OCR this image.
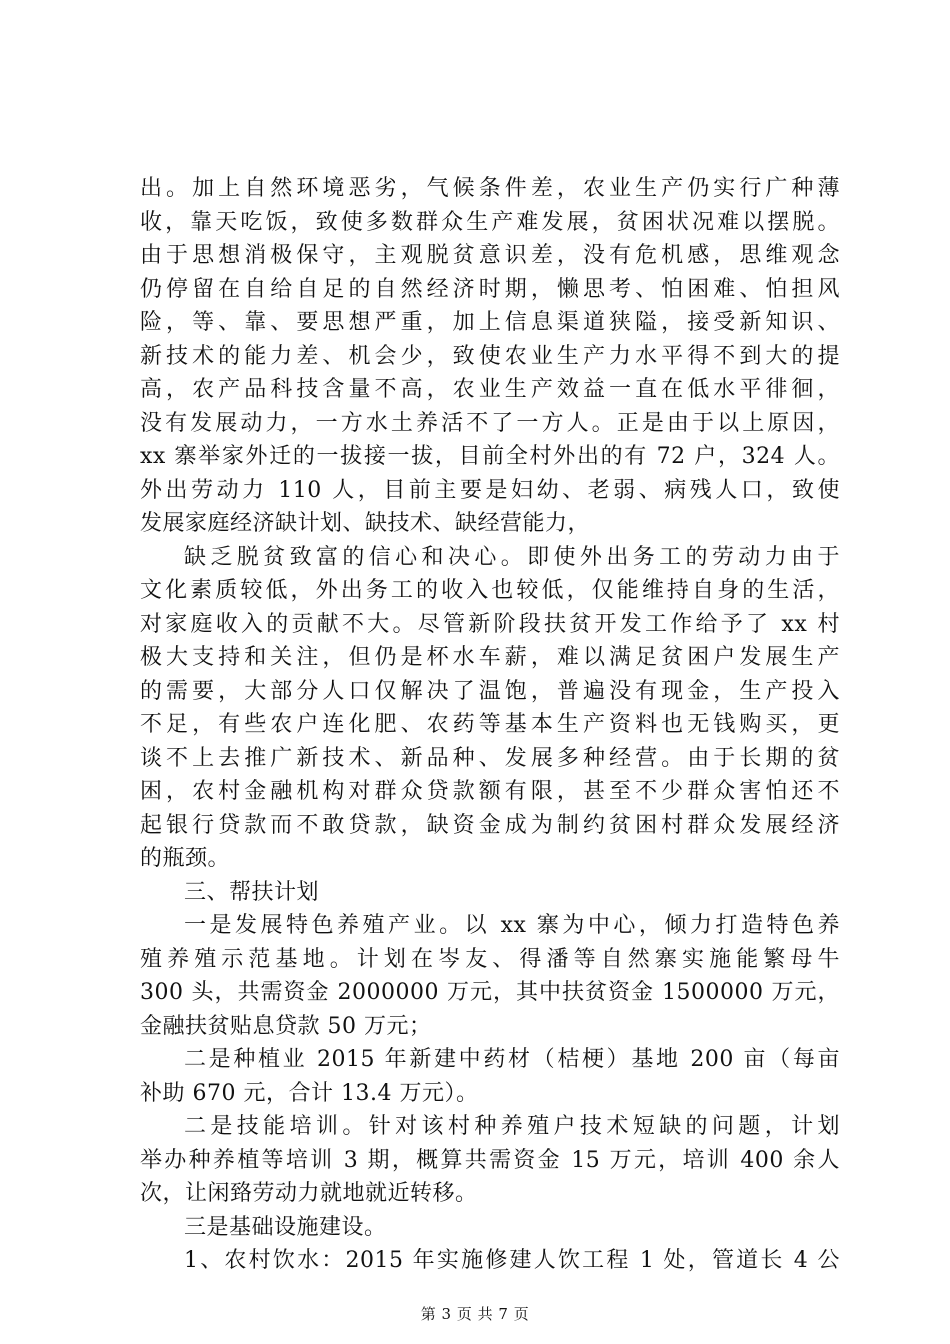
出。加上自然环境恶劣，气候条件差，农业生产仍实行广种薄
收，靠天吃饭，致使多数群众生产难发展，贫困状况难以摆脱。
由于思想消极保守，主观脱贫意识差，没有危机感，思维观念
仍停留在自给自足的自然经济时期，懒思考、怕困难、怕担风
险，等、靠、要思想严重，加上信息渠道狭隘，接受新知识、
新技术的能力差、机会少，致使农业生产力水平得不到大的提
高，农产品科技含量不高，农业生产效益一直在低水平徘徊，
没有发展动力，一方水土养活不了一方人。正是由于以上原因，
xx 寨举家外迁的一拔接一拔，目前全村外出的有 72 户，324 人。
外出劳动力 110 人，目前主要是妇幼、老弱、病残人口，致使
发展家庭经济缺计划、缺技术、缺经营能力，
缺乏脱贫致富的信心和决心。即使外出务工的劳动力由于
文化素质较低，外出务工的收入也较低，仅能维持自身的生活，
对家庭收入的贡献不大。尽管新阶段扶贫开发工作给予了 xx 村
极大支持和关注，但仍是杯水车薪，难以满足贫困户发展生产
的需要，大部分人口仅解决了温饱，普遍没有现金，生产投入
不足，有些农户连化肥、农药等基本生产资料也无钱购买，更
谈不上去推广新技术、新品种、发展多种经营。由于长期的贫
困，农村金融机构对群众贷款额有限，甚至不少群众害怕还不
起银行贷款而不敢贷款，缺资金成为制约贫困村群众发展经济
的瓶颈。
三、帮扶计划
一是发展特色养殖产业。以 xx 寨为中心，倾力打造特色养
殖养殖示范基地。计划在岑友、得潘等自然寨实施能繁母牛
300 头，共需资金 2000000 万元，其中扶贫资金 1500000 万元，
金融扶贫贴息贷款 50 万元；
二是种植业 2015 年新建中药材（桔梗）基地 200 亩（每亩
补助 670 元，合计 13.4 万元）。
二是技能培训。针对该村种养殖户技术短缺的问题，计划
举办种养植等培训 3 期，概算共需资金 15 万元，培训 400 余人
次，让闲臵劳动力就地就近转移。
三是基础设施建设。
1、农村饮水：2015 年实施修建人饮工程 1 处，管道长 4 公
第 3 页 共 7 页
